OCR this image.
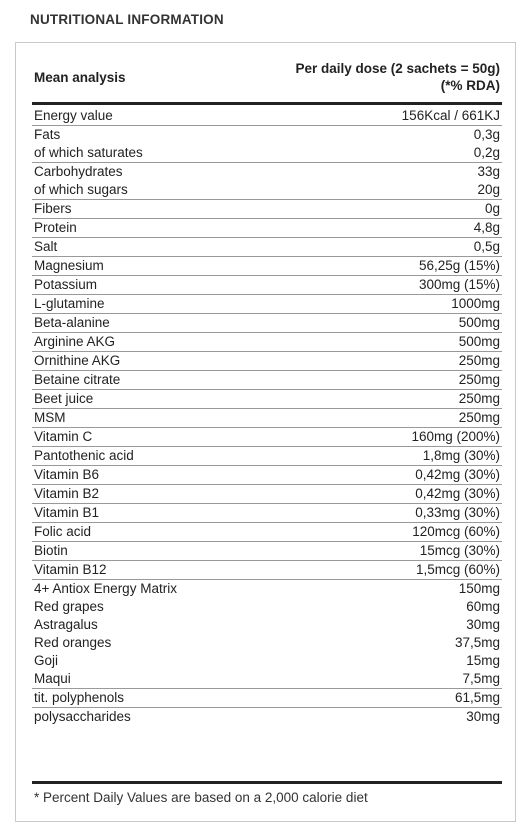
NUTRITIONAL INFORMATION
Mean analysis
Per daily dose (2 sachets = 50g)
(*% RDA)
Energy value	156Kcal / 661KJ
Fats	0,3g
of which saturates	0,2g
Carbohydrates	33g
of which sugars	20g
Fibers	0g
Protein	4,8g
Salt	0,5g
Magnesium	56,25g (15%)
Potassium	300mg (15%)
L-glutamine	1000mg
Beta-alanine	500mg
Arginine AKG	500mg
Ornithine AKG	250mg
Betaine citrate	250mg
Beet juice	250mg
MSM	250mg
Vitamin C	160mg (200%)
Pantothenic acid	1,8mg (30%)
Vitamin B6	0,42mg (30%)
Vitamin B2	0,42mg (30%)
Vitamin B1	0,33mg (30%)
Folic acid	120mcg (60%)
Biotin	15mcg (30%)
Vitamin B12	1,5mcg (60%)
4+ Antiox Energy Matrix	150mg
Red grapes	60mg
Astragalus	30mg
Red oranges	37,5mg
Goji	15mg
Maqui	7,5mg
tit. polyphenols	61,5mg
polysaccharides	30mg
* Percent Daily Values are based on a 2,000 calorie diet
